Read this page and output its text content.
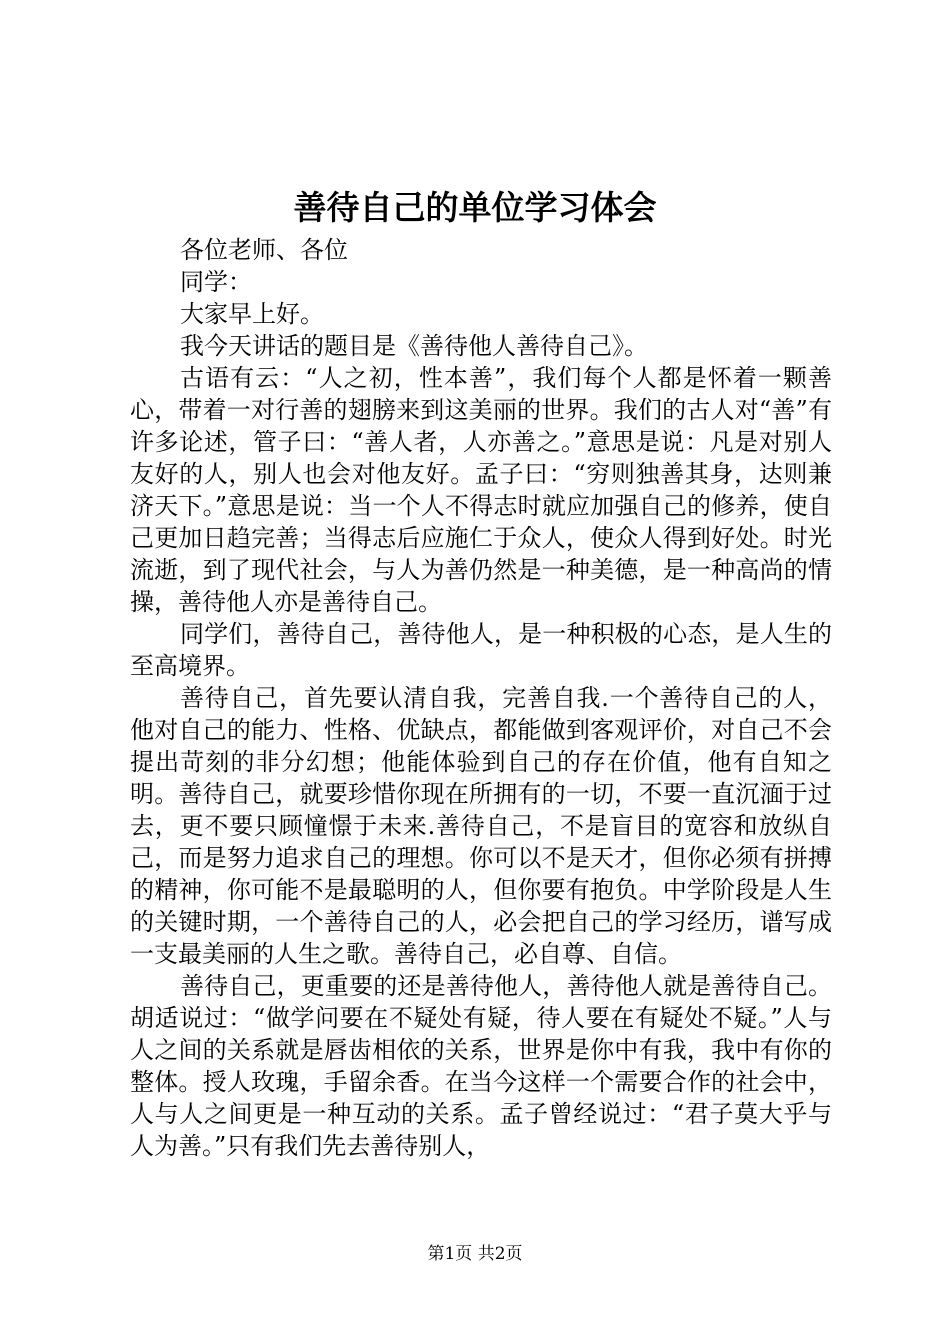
善待自己的单位学习体会

各位老师、各位

同学：

大家早上好。

我今天讲话的题目是《善待他人善待自己》。

古语有云：“人之初，性本善”，我们每个人都是怀着一颗善心，带着一对行善的翅膀来到这美丽的世界。我们的古人对“善”有许多论述，管子曰：“善人者，人亦善之。”意思是说：凡是对别人友好的人，别人也会对他友好。孟子曰：“穷则独善其身，达则兼济天下。”意思是说：当一个人不得志时就应加强自己的修养，使自己更加日趋完善；当得志后应施仁于众人，使众人得到好处。时光流逝，到了现代社会，与人为善仍然是一种美德，是一种高尚的情操，善待他人亦是善待自己。

同学们，善待自己，善待他人，是一种积极的心态，是人生的至高境界。

善待自己，首先要认清自我，完善自我.一个善待自己的人，他对自己的能力、性格、优缺点，都能做到客观评价，对自己不会提出苛刻的非分幻想；他能体验到自己的存在价值，他有自知之明。善待自己，就要珍惜你现在所拥有的一切，不要一直沉湎于过去，更不要只顾憧憬于未来.善待自己，不是盲目的宽容和放纵自己，而是努力追求自己的理想。你可以不是天才，但你必须有拼搏的精神，你可能不是最聪明的人，但你要有抱负。中学阶段是人生的关键时期，一个善待自己的人，必会把自己的学习经历，谱写成一支最美丽的人生之歌。善待自己，必自尊、自信。

善待自己，更重要的还是善待他人，善待他人就是善待自己。胡适说过：“做学问要在不疑处有疑，待人要在有疑处不疑。”人与人之间的关系就是唇齿相依的关系，世界是你中有我，我中有你的整体。授人玫瑰，手留余香。在当今这样一个需要合作的社会中，人与人之间更是一种互动的关系。孟子曾经说过：“君子莫大乎与人为善。”只有我们先去善待别人，

第1页 共2页
